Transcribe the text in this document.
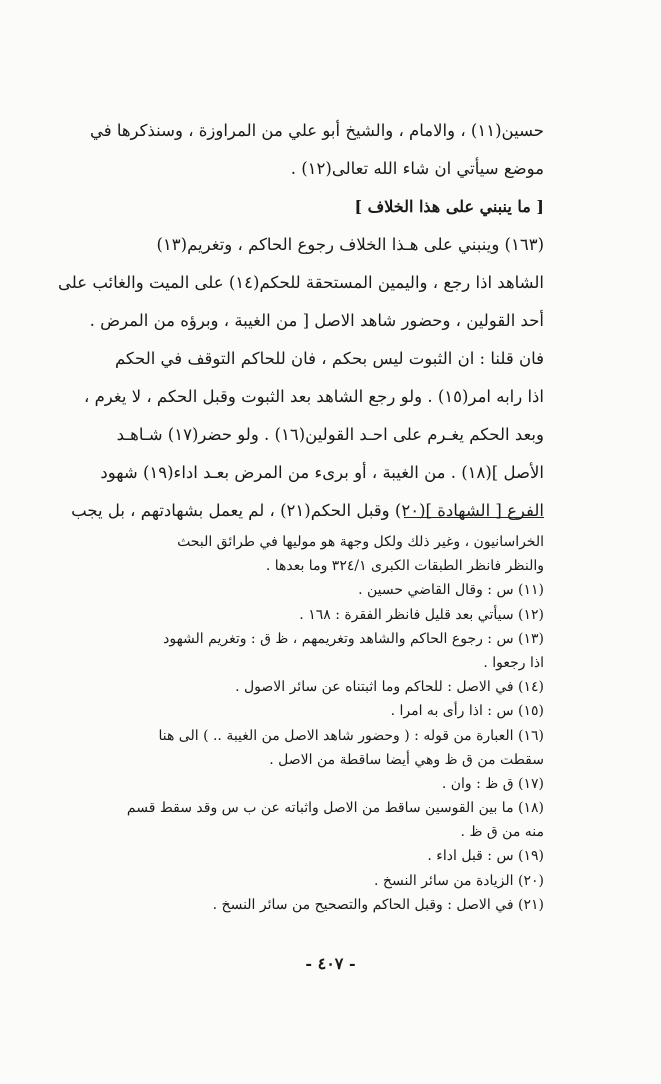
حسين(١١) ، والامام ، والشيخ أبو علي من المراوزة ، وسنذكرها في
موضع سيأتي ان شاء الله تعالى(١٢) .
[ ما ينبني على هذا الخلاف ]
(١٦٣) وينبني على هـذا الخلاف رجوع الحاكم ، وتغريم(١٣)
الشاهد اذا رجع ، واليمين المستحقة للحكم(١٤) على الميت والغائب على
أحد القولين ، وحضور شاهد الاصل [ من الغيبة ، وبرؤه من المرض .
فان قلنا : ان الثبوت ليس بحكم ، فان للحاكم التوقف في الحكم
اذا رابه امر(١٥) . ولو رجع الشاهد بعد الثبوت وقبل الحكم ، لا يغرم ،
وبعد الحكم يغـرم على احـد القولين(١٦) . ولو حضر(١٧) شـاهـد
الأصل ](١٨) . من الغيبة ، أو برىء من المرض بعـد اداء(١٩) شهود
الفرع [ الشهادة ](٢٠) وقبل الحكم(٢١) ، لم يعمل بشهادتهم ، بل يجب
الخراسانيون ، وغير ذلك ولكل وجهة هو موليها في طرائق البحث
والنظر فانظر الطبقات الكبرى ٣٢٤/١ وما بعدها .
(١١) س : وقال القاضي حسين .
(١٢) سيأتي بعد قليل فانظر الفقرة : ١٦٨ .
(١٣) س : رجوع الحاكم والشاهد وتغريمهم ، ظ ق : وتغريم الشهود
اذا رجعوا .
(١٤) في الاصل : للحاكم وما اثبتناه عن سائر الاصول .
(١٥) س : اذا رأى به امرا .
(١٦) العبارة من قوله : ( وحضور شاهد الاصل من الغيبة .. ) الى هنا
سقطت من ق ظ وهي أيضا ساقطة من الاصل .
(١٧) ق ظ : وان .
(١٨) ما بين القوسين ساقط من الاصل واثباته عن ب س وقد سقط قسم
منه من ق ظ .
(١٩) س : قبل اداء .
(٢٠) الزيادة من سائر النسخ .
(٢١) في الاصل : وقبل الحاكم والتصحيح من سائر النسخ .
- ٤٠٧ -
